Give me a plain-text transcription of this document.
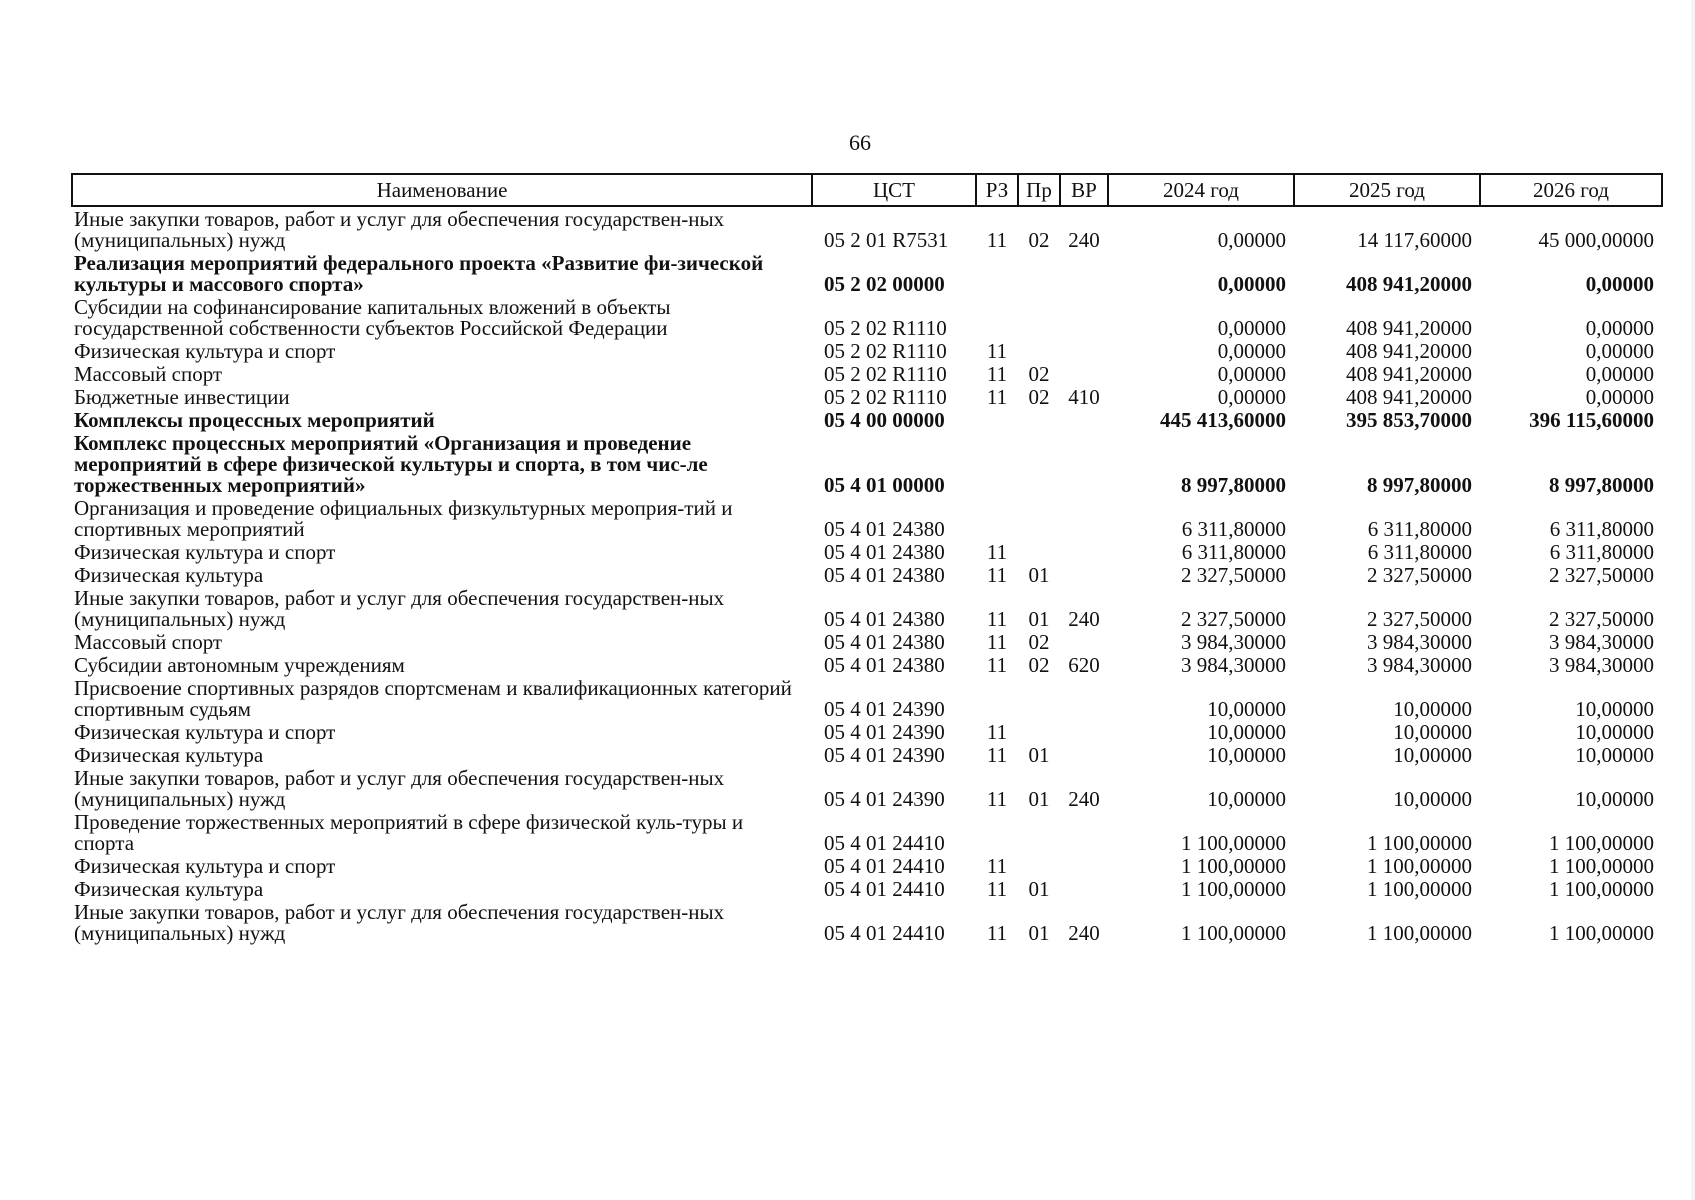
66
Наименование	ЦСТ	РЗ	Пр	ВР	2024 год	2025 год	2026 год
Иные закупки товаров, работ и услуг для обеспечения государствен-ных (муниципальных) нужд	05 2 01 R7531	11	02	240	0,00000	14 117,60000	45 000,00000
Реализация мероприятий федерального проекта «Развитие фи-зической культуры и массового спорта»	05 2 02 00000				0,00000	408 941,20000	0,00000
Субсидии на софинансирование капитальных вложений в объекты государственной собственности субъектов Российской Федерации	05 2 02 R1110				0,00000	408 941,20000	0,00000
Физическая культура и спорт	05 2 02 R1110	11			0,00000	408 941,20000	0,00000
Массовый спорт	05 2 02 R1110	11	02		0,00000	408 941,20000	0,00000
Бюджетные инвестиции	05 2 02 R1110	11	02	410	0,00000	408 941,20000	0,00000
Комплексы процессных мероприятий	05 4 00 00000				445 413,60000	395 853,70000	396 115,60000
Комплекс процессных мероприятий «Организация и проведение мероприятий в сфере физической культуры и спорта, в том чис-ле торжественных мероприятий»	05 4 01 00000				8 997,80000	8 997,80000	8 997,80000
Организация и проведение официальных физкультурных мероприя-тий и спортивных мероприятий	05 4 01 24380				6 311,80000	6 311,80000	6 311,80000
Физическая культура и спорт	05 4 01 24380	11			6 311,80000	6 311,80000	6 311,80000
Физическая культура	05 4 01 24380	11	01		2 327,50000	2 327,50000	2 327,50000
Иные закупки товаров, работ и услуг для обеспечения государствен-ных (муниципальных) нужд	05 4 01 24380	11	01	240	2 327,50000	2 327,50000	2 327,50000
Массовый спорт	05 4 01 24380	11	02		3 984,30000	3 984,30000	3 984,30000
Субсидии автономным учреждениям	05 4 01 24380	11	02	620	3 984,30000	3 984,30000	3 984,30000
Присвоение спортивных разрядов спортсменам и квалификационных категорий спортивным судьям	05 4 01 24390				10,00000	10,00000	10,00000
Физическая культура и спорт	05 4 01 24390	11			10,00000	10,00000	10,00000
Физическая культура	05 4 01 24390	11	01		10,00000	10,00000	10,00000
Иные закупки товаров, работ и услуг для обеспечения государствен-ных (муниципальных) нужд	05 4 01 24390	11	01	240	10,00000	10,00000	10,00000
Проведение торжественных мероприятий в сфере физической куль-туры и спорта	05 4 01 24410				1 100,00000	1 100,00000	1 100,00000
Физическая культура и спорт	05 4 01 24410	11			1 100,00000	1 100,00000	1 100,00000
Физическая культура	05 4 01 24410	11	01		1 100,00000	1 100,00000	1 100,00000
Иные закупки товаров, работ и услуг для обеспечения государствен-ных (муниципальных) нужд	05 4 01 24410	11	01	240	1 100,00000	1 100,00000	1 100,00000
